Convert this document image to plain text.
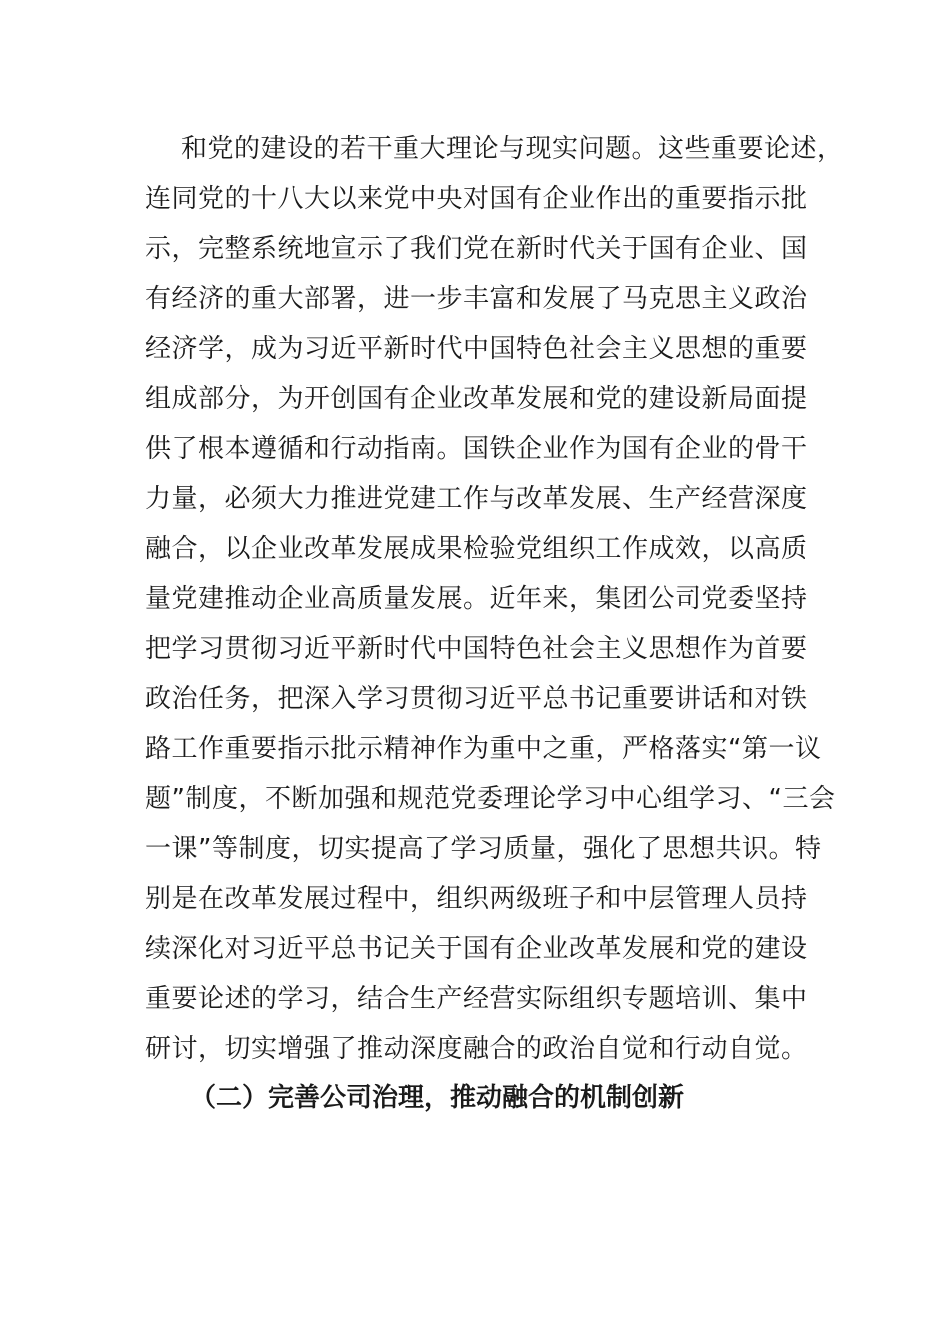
和党的建设的若干重大理论与现实问题。这些重要论述，
连同党的十八大以来党中央对国有企业作出的重要指示批
示，完整系统地宣示了我们党在新时代关于国有企业、国
有经济的重大部署，进一步丰富和发展了马克思主义政治
经济学，成为习近平新时代中国特色社会主义思想的重要
组成部分，为开创国有企业改革发展和党的建设新局面提
供了根本遵循和行动指南。国铁企业作为国有企业的骨干
力量，必须大力推进党建工作与改革发展、生产经营深度
融合，以企业改革发展成果检验党组织工作成效，以高质
量党建推动企业高质量发展。近年来，集团公司党委坚持
把学习贯彻习近平新时代中国特色社会主义思想作为首要
政治任务，把深入学习贯彻习近平总书记重要讲话和对铁
路工作重要指示批示精神作为重中之重，严格落实“第一议
题”制度，不断加强和规范党委理论学习中心组学习、“三会
一课”等制度，切实提高了学习质量，强化了思想共识。特
别是在改革发展过程中，组织两级班子和中层管理人员持
续深化对习近平总书记关于国有企业改革发展和党的建设
重要论述的学习，结合生产经营实际组织专题培训、集中
研讨，切实增强了推动深度融合的政治自觉和行动自觉。
（二）完善公司治理，推动融合的机制创新
